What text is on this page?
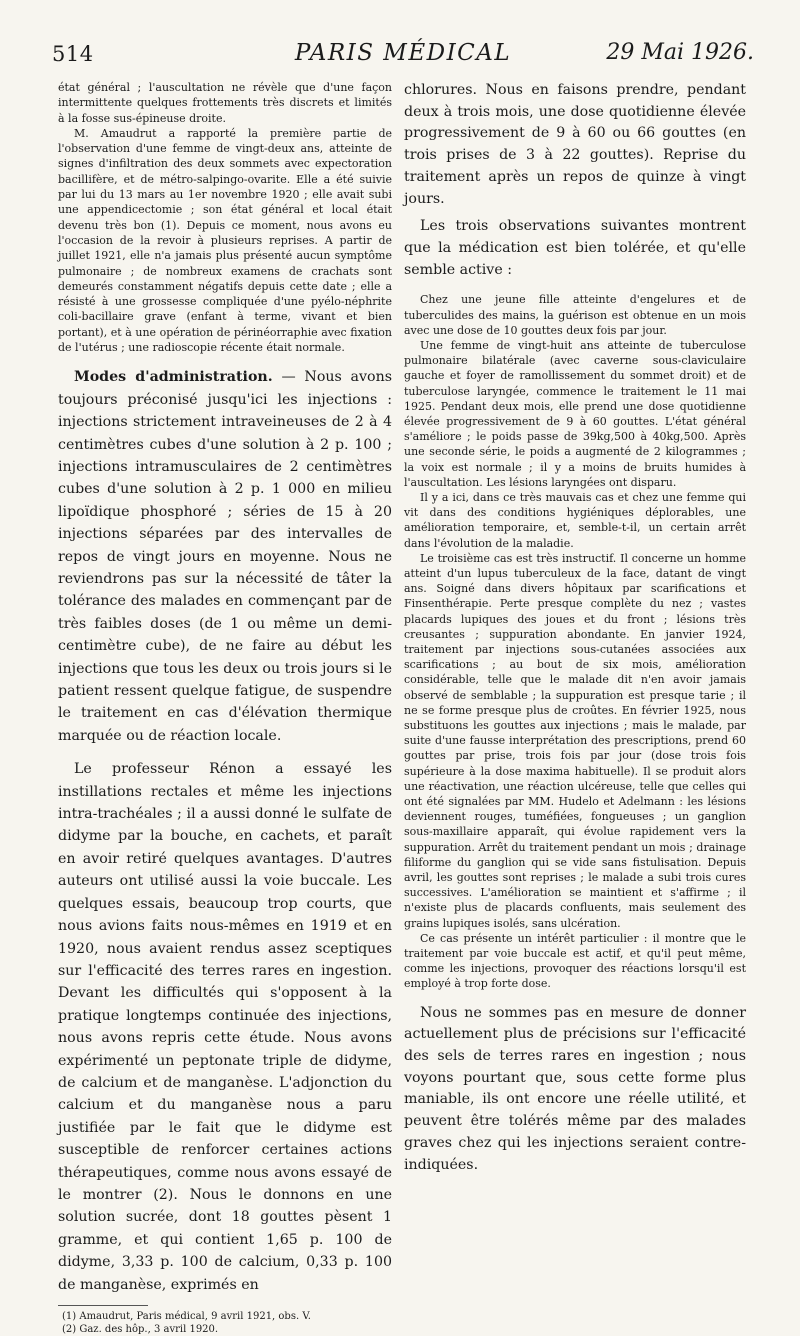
514	PARIS MÉDICAL	29 Mai 1926.

état général ; l'auscultation ne révèle que d'une façon intermittente quelques frottements très discrets et limités à la fosse sus-épineuse droite.

M. Amaudrut a rapporté la première partie de l'observation d'une femme de vingt-deux ans, atteinte de signes d'infiltration des deux sommets avec expectoration bacillifère, et de métro-salpingo-ovarite. Elle a été suivie par lui du 13 mars au 1er novembre 1920 ; elle avait subi une appendicectomie ; son état général et local était devenu très bon (1). Depuis ce moment, nous avons eu l'occasion de la revoir à plusieurs reprises. A partir de juillet 1921, elle n'a jamais plus présenté aucun symptôme pulmonaire ; de nombreux examens de crachats sont demeurés constamment négatifs depuis cette date ; elle a résisté à une grossesse compliquée d'une pyélo-néphrite coli-bacillaire grave (enfant à terme, vivant et bien portant), et à une opération de périnéorraphie avec fixation de l'utérus ; une radioscopie récente était normale.

Modes d'administration. — Nous avons toujours préconisé jusqu'ici les injections : injections strictement intraveineuses de 2 à 4 centimètres cubes d'une solution à 2 p. 100 ; injections intramusculaires de 2 centimètres cubes d'une solution à 2 p. 1 000 en milieu lipoïdique phosphoré ; séries de 15 à 20 injections séparées par des intervalles de repos de vingt jours en moyenne. Nous ne reviendrons pas sur la nécessité de tâter la tolérance des malades en commençant par de très faibles doses (de 1 ou même un demi-centimètre cube), de ne faire au début les injections que tous les deux ou trois jours si le patient ressent quelque fatigue, de suspendre le traitement en cas d'élévation thermique marquée ou de réaction locale.

Le professeur Rénon a essayé les instillations rectales et même les injections intra-trachéales ; il a aussi donné le sulfate de didyme par la bouche, en cachets, et paraît en avoir retiré quelques avantages. D'autres auteurs ont utilisé aussi la voie buccale. Les quelques essais, beaucoup trop courts, que nous avions faits nous-mêmes en 1919 et en 1920, nous avaient rendus assez sceptiques sur l'efficacité des terres rares en ingestion. Devant les difficultés qui s'opposent à la pratique longtemps continuée des injections, nous avons repris cette étude. Nous avons expérimenté un peptonate triple de didyme, de calcium et de manganèse. L'adjonction du calcium et du manganèse nous a paru justifiée par le fait que le didyme est susceptible de renforcer certaines actions thérapeutiques, comme nous avons essayé de le montrer (2). Nous le donnons en une solution sucrée, dont 18 gouttes pèsent 1 gramme, et qui contient 1,65 p. 100 de didyme, 3,33 p. 100 de calcium, 0,33 p. 100 de manganèse, exprimés en

(1) Amaudrut, Paris médical, 9 avril 1921, obs. V.

(2) Gaz. des hôp., 3 avril 1920.

chlorures. Nous en faisons prendre, pendant deux à trois mois, une dose quotidienne élevée progressivement de 9 à 60 ou 66 gouttes (en trois prises de 3 à 22 gouttes). Reprise du traitement après un repos de quinze à vingt jours.

Les trois observations suivantes montrent que la médication est bien tolérée, et qu'elle semble active :

Chez une jeune fille atteinte d'engelures et de tuberculides des mains, la guérison est obtenue en un mois avec une dose de 10 gouttes deux fois par jour.

Une femme de vingt-huit ans atteinte de tuberculose pulmonaire bilatérale (avec caverne sous-claviculaire gauche et foyer de ramollissement du sommet droit) et de tuberculose laryngée, commence le traitement le 11 mai 1925. Pendant deux mois, elle prend une dose quotidienne élevée progressivement de 9 à 60 gouttes. L'état général s'améliore ; le poids passe de 39kg,500 à 40kg,500. Après une seconde série, le poids a augmenté de 2 kilogrammes ; la voix est normale ; il y a moins de bruits humides à l'auscultation. Les lésions laryngées ont disparu.

Il y a ici, dans ce très mauvais cas et chez une femme qui vit dans des conditions hygiéniques déplorables, une amélioration temporaire, et, semble-t-il, un certain arrêt dans l'évolution de la maladie.

Le troisième cas est très instructif. Il concerne un homme atteint d'un lupus tuberculeux de la face, datant de vingt ans. Soigné dans divers hôpitaux par scarifications et Finsenthérapie. Perte presque complète du nez ; vastes placards lupiques des joues et du front ; lésions très creusantes ; suppuration abondante. En janvier 1924, traitement par injections sous-cutanées associées aux scarifications ; au bout de six mois, amélioration considérable, telle que le malade dit n'en avoir jamais observé de semblable ; la suppuration est presque tarie ; il ne se forme presque plus de croûtes. En février 1925, nous substituons les gouttes aux injections ; mais le malade, par suite d'une fausse interprétation des prescriptions, prend 60 gouttes par prise, trois fois par jour (dose trois fois supérieure à la dose maxima habituelle). Il se produit alors une réactivation, une réaction ulcéreuse, telle que celles qui ont été signalées par MM. Hudelo et Adelmann : les lésions deviennent rouges, tuméfiées, fongueuses ; un ganglion sous-maxillaire apparaît, qui évolue rapidement vers la suppuration. Arrêt du traitement pendant un mois ; drainage filiforme du ganglion qui se vide sans fistulisation. Depuis avril, les gouttes sont reprises ; le malade a subi trois cures successives. L'amélioration se maintient et s'affirme ; il n'existe plus de placards confluents, mais seulement des grains lupiques isolés, sans ulcération.

Ce cas présente un intérêt particulier : il montre que le traitement par voie buccale est actif, et qu'il peut même, comme les injections, provoquer des réactions lorsqu'il est employé à trop forte dose.

Nous ne sommes pas en mesure de donner actuellement plus de précisions sur l'efficacité des sels de terres rares en ingestion ; nous voyons pourtant que, sous cette forme plus maniable, ils ont encore une réelle utilité, et peuvent être tolérés même par des malades graves chez qui les injections seraient contre-indiquées.
